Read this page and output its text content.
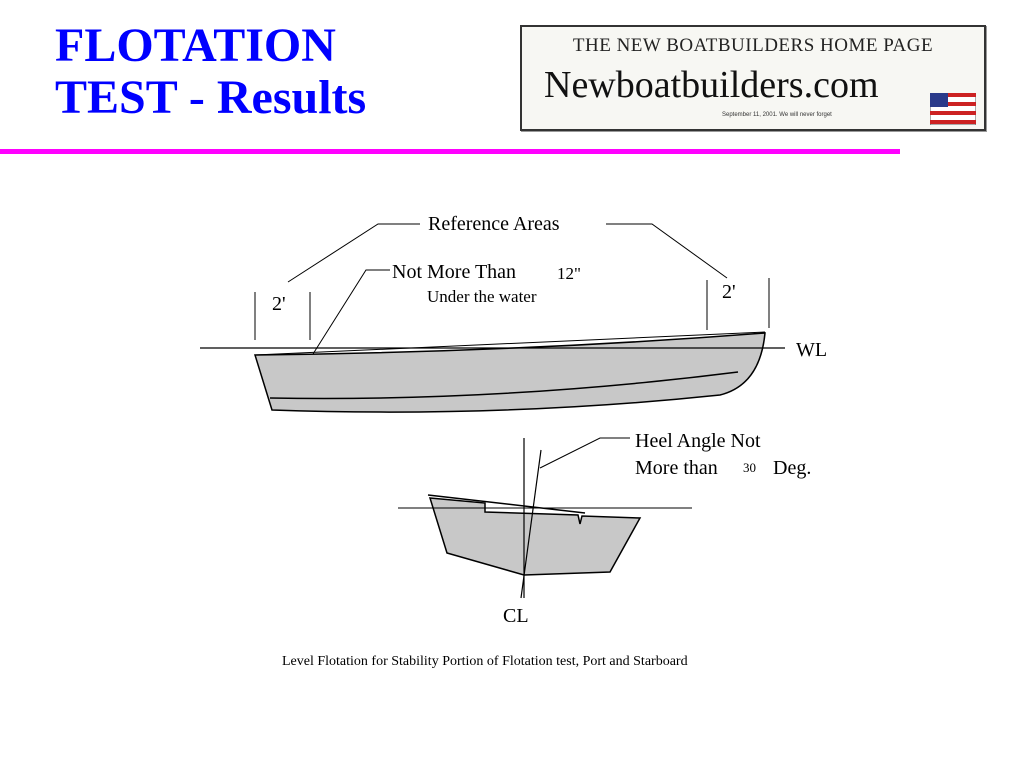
FLOTATION
TEST - Results
THE NEW BOATBUILDERS HOME PAGE
Newboatbuilders.com
September 11, 2001. We will never forget
Reference Areas
Not More Than 12"
Under the water
2'
2'
WL
Heel Angle Not
More than 30 Deg.
CL
Level Flotation for Stability Portion of Flotation test, Port and Starboard
